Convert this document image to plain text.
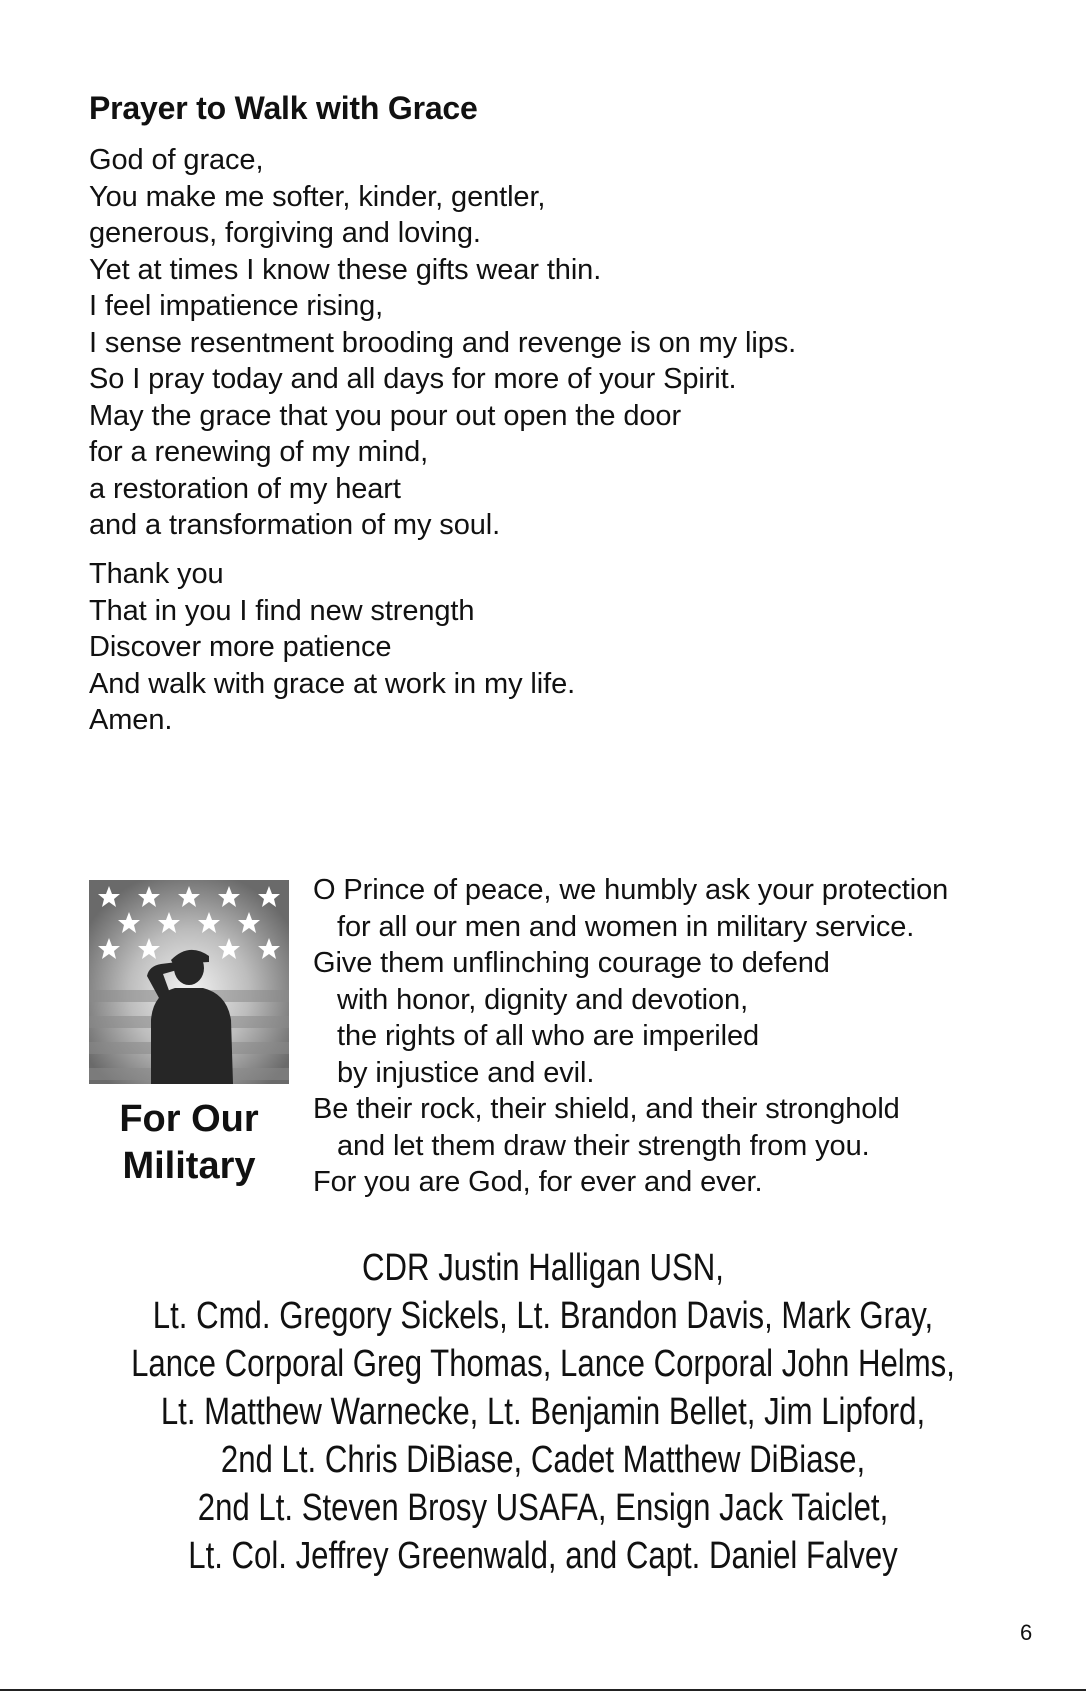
Prayer to Walk with Grace
God of grace,
You make me softer, kinder, gentler,
generous, forgiving and loving.
Yet at times I know these gifts wear thin.
I feel impatience rising,
I sense resentment brooding and revenge is on my lips.
So I pray today and all days for more of your Spirit.
May the grace that you pour out open the door
for a renewing of my mind,
a restoration of my heart
and a transformation of my soul.
Thank you
That in you I find new strength
Discover more patience
And walk with grace at work in my life.
Amen.
For Our
Military
O Prince of peace, we humbly ask your protection
for all our men and women in military service.
Give them unflinching courage to defend
with honor, dignity and devotion,
the rights of all who are imperiled
by injustice and evil.
Be their rock, their shield, and their stronghold
and let them draw their strength from you.
For you are God, for ever and ever.
CDR Justin Halligan USN,
Lt. Cmd. Gregory Sickels, Lt. Brandon Davis, Mark Gray,
Lance Corporal Greg Thomas, Lance Corporal John Helms,
Lt. Matthew Warnecke, Lt. Benjamin Bellet, Jim Lipford,
2nd Lt. Chris DiBiase, Cadet Matthew DiBiase,
2nd Lt. Steven Brosy USAFA, Ensign Jack Taiclet,
Lt. Col. Jeffrey Greenwald, and Capt. Daniel Falvey
6
